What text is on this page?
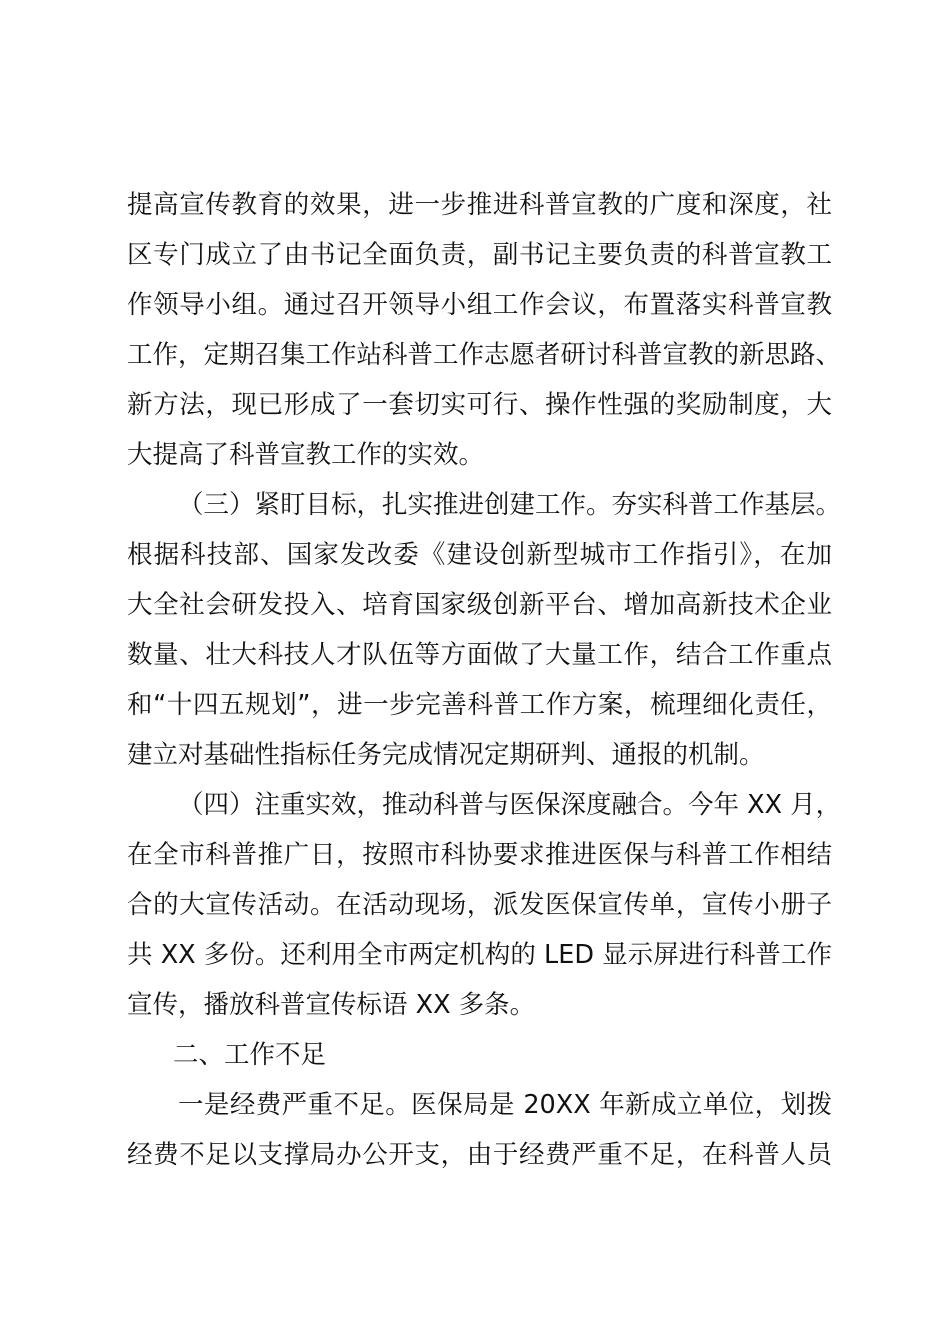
提高宣传教育的效果，进一步推进科普宣教的广度和深度，社
区专门成立了由书记全面负责，副书记主要负责的科普宣教工
作领导小组。通过召开领导小组工作会议，布置落实科普宣教
工作，定期召集工作站科普工作志愿者研讨科普宣教的新思路、
新方法，现已形成了一套切实可行、操作性强的奖励制度，大
大提高了科普宣教工作的实效。
（三）紧盯目标，扎实推进创建工作。夯实科普工作基层。
根据科技部、国家发改委《建设创新型城市工作指引》，在加
大全社会研发投入、培育国家级创新平台、增加高新技术企业
数量、壮大科技人才队伍等方面做了大量工作，结合工作重点
和“十四五规划”，进一步完善科普工作方案，梳理细化责任，
建立对基础性指标任务完成情况定期研判、通报的机制。
（四）注重实效，推动科普与医保深度融合。今年 XX 月，
在全市科普推广日，按照市科协要求推进医保与科普工作相结
合的大宣传活动。在活动现场，派发医保宣传单，宣传小册子
共 XX 多份。还利用全市两定机构的 LED 显示屏进行科普工作
宣传，播放科普宣传标语 XX 多条。
二、工作不足
一是经费严重不足。医保局是 20XX 年新成立单位，划拨
经费不足以支撑局办公开支，由于经费严重不足，在科普人员
